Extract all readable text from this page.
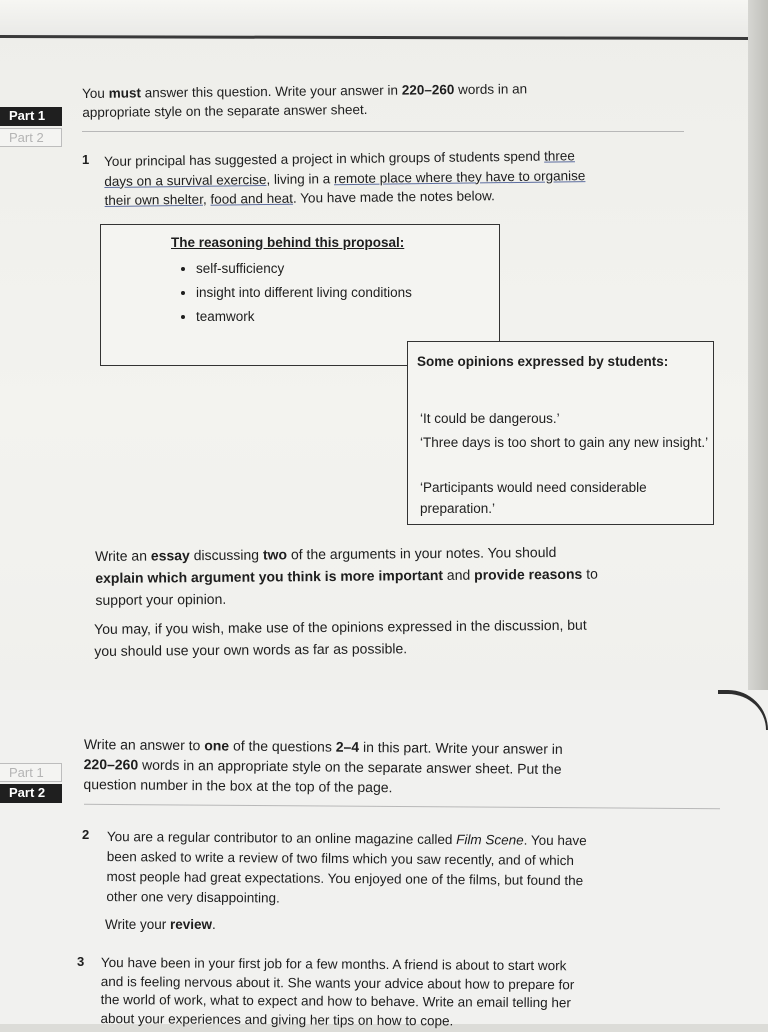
Part 1
Part 2
You must answer this question. Write your answer in 220–260 words in an
appropriate style on the separate answer sheet.
1 Your principal has suggested a project in which groups of students spend three
days on a survival exercise, living in a remote place where they have to organise
their own shelter, food and heat. You have made the notes below.
The reasoning behind this proposal:
• self-sufficiency
• insight into different living conditions
• teamwork
Some opinions expressed by students:
‘It could be dangerous.’
‘Three days is too short to gain any new insight.’
‘Participants would need considerable preparation.’
Write an essay discussing two of the arguments in your notes. You should
explain which argument you think is more important and provide reasons to
support your opinion.
You may, if you wish, make use of the opinions expressed in the discussion, but
you should use your own words as far as possible.
Part 1
Part 2
Write an answer to one of the questions 2–4 in this part. Write your answer in
220–260 words in an appropriate style on the separate answer sheet. Put the
question number in the box at the top of the page.
2 You are a regular contributor to an online magazine called Film Scene. You have
been asked to write a review of two films which you saw recently, and of which
most people had great expectations. You enjoyed one of the films, but found the
other one very disappointing.
Write your review.
3 You have been in your first job for a few months. A friend is about to start work
and is feeling nervous about it. She wants your advice about how to prepare for
the world of work, what to expect and how to behave. Write an email telling her
about your experiences and giving her tips on how to cope.
